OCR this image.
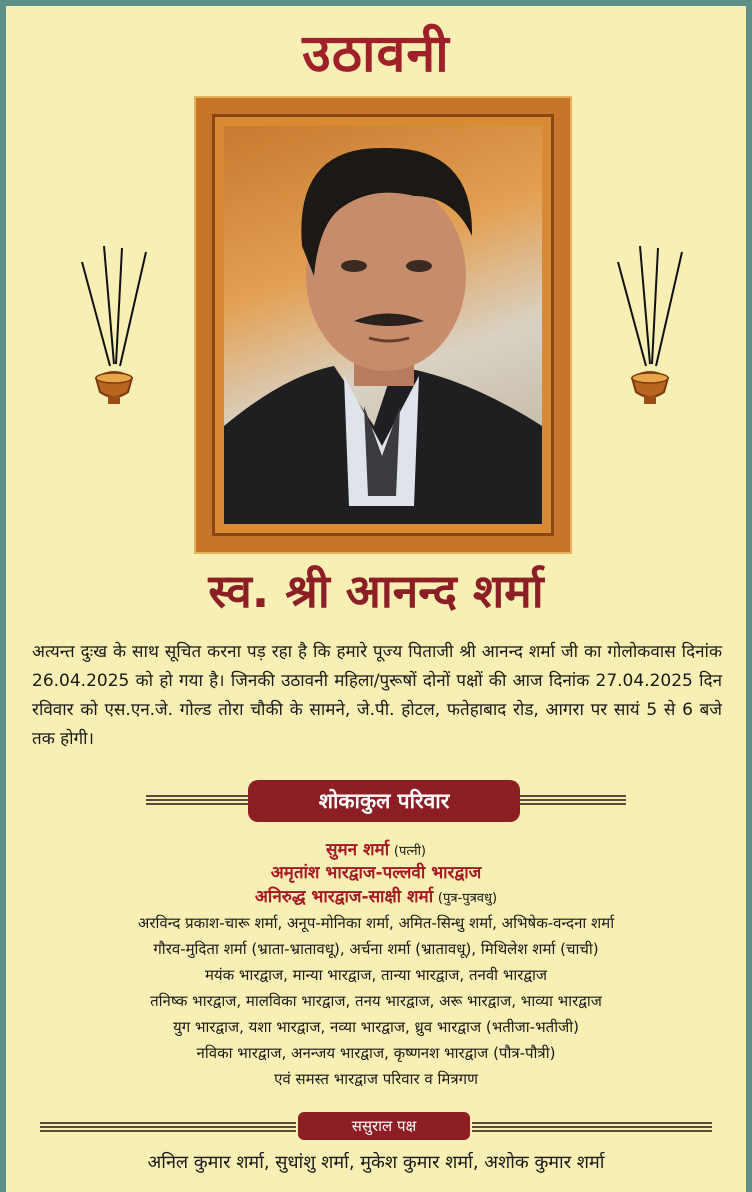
उठावनी
स्व. श्री आनन्द शर्मा
अत्यन्त दुःख के साथ सूचित करना पड़ रहा है कि हमारे पूज्य पिताजी श्री आनन्द शर्मा जी का गोलोकवास दिनांक 26.04.2025 को हो गया है। जिनकी उठावनी महिला/पुरूषों दोनों पक्षों की आज दिनांक 27.04.2025 दिन रविवार को एस.एन.जे. गोल्ड तोरा चौकी के सामने, जे.पी. होटल, फतेहाबाद रोड, आगरा पर सायं 5 से 6 बजे तक होगी।
शोकाकुल परिवार
सुमन शर्मा (पत्नी)
अमृतांश भारद्वाज-पल्लवी भारद्वाज
अनिरुद्ध भारद्वाज-साक्षी शर्मा (पुत्र-पुत्रवधु)
अरविन्द प्रकाश-चारू शर्मा, अनूप-मोनिका शर्मा, अमित-सिन्धु शर्मा, अभिषेक-वन्दना शर्मा
गौरव-मुदिता शर्मा (भ्राता-भ्रातावधू), अर्चना शर्मा (भ्रातावधू), मिथिलेश शर्मा (चाची)
मयंक भारद्वाज, मान्या भारद्वाज, तान्या भारद्वाज, तनवी भारद्वाज
तनिष्क भारद्वाज, मालविका भारद्वाज, तनय भारद्वाज, अरू भारद्वाज, भाव्या भारद्वाज
युग भारद्वाज, यशा भारद्वाज, नव्या भारद्वाज, ध्रुव भारद्वाज (भतीजा-भतीजी)
नविका भारद्वाज, अनन्जय भारद्वाज, कृष्णनश भारद्वाज (पौत्र-पौत्री)
एवं समस्त भारद्वाज परिवार व मित्रगण
ससुराल पक्ष
अनिल कुमार शर्मा, सुधांशु शर्मा, मुकेश कुमार शर्मा, अशोक कुमार शर्मा
